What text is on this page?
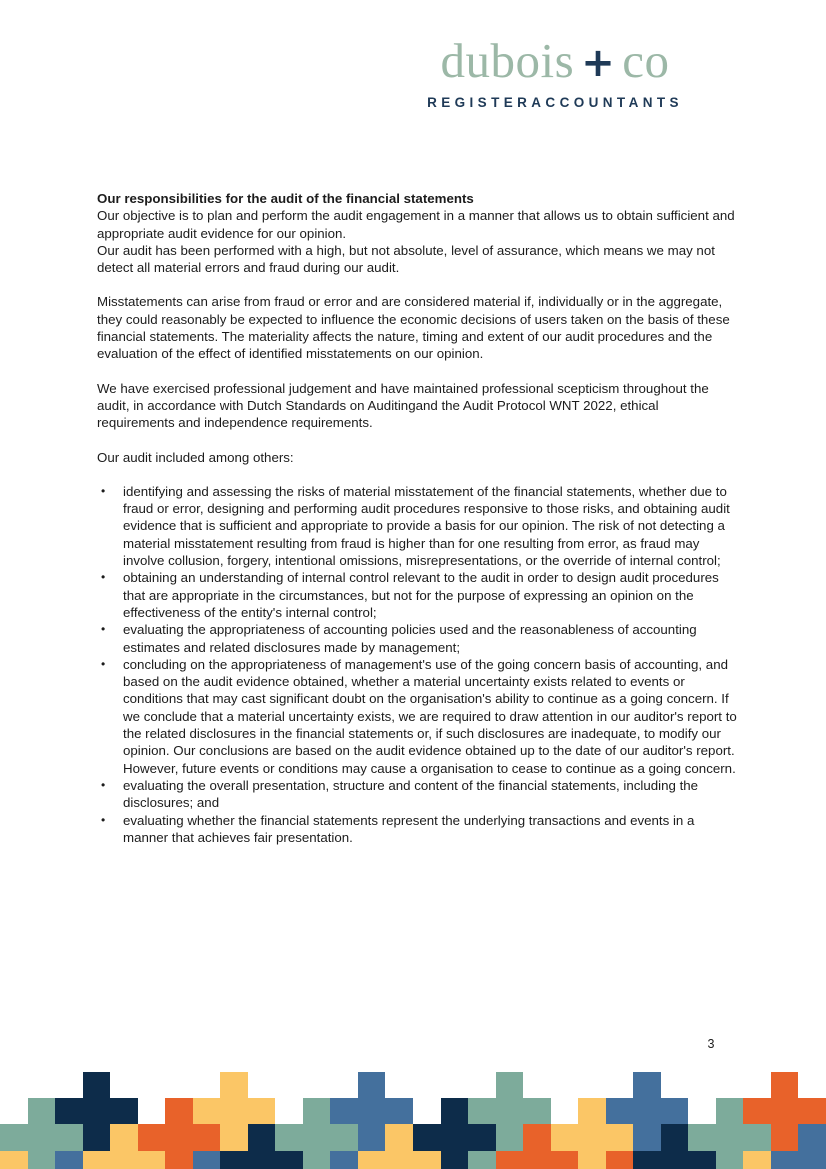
dubois + co
REGISTERACCOUNTANTS

Our responsibilities for the audit of the financial statements

Our objective is to plan and perform the audit engagement in a manner that allows us to obtain sufficient and appropriate audit evidence for our opinion.

Our audit has been performed with a high, but not absolute, level of assurance, which means we may not detect all material errors and fraud during our audit.

Misstatements can arise from fraud or error and are considered material if, individually or in the aggregate, they could reasonably be expected to influence the economic decisions of users taken on the basis of these financial statements. The materiality affects the nature, timing and extent of our audit procedures and the evaluation of the effect of identified misstatements on our opinion.

We have exercised professional judgement and have maintained professional scepticism throughout the audit, in accordance with Dutch Standards on Auditingand the Audit Protocol WNT 2022, ethical requirements and independence requirements.

Our audit included among others:

• identifying and assessing the risks of material misstatement of the financial statements, whether due to fraud or error, designing and performing audit procedures responsive to those risks, and obtaining audit evidence that is sufficient and appropriate to provide a basis for our opinion. The risk of not detecting a material misstatement resulting from fraud is higher than for one resulting from error, as fraud may involve collusion, forgery, intentional omissions, misrepresentations, or the override of internal control;
• obtaining an understanding of internal control relevant to the audit in order to design audit procedures that are appropriate in the circumstances, but not for the purpose of expressing an opinion on the effectiveness of the entity's internal control;
• evaluating the appropriateness of accounting policies used and the reasonableness of accounting estimates and related disclosures made by management;
• concluding on the appropriateness of management's use of the going concern basis of accounting, and based on the audit evidence obtained, whether a material uncertainty exists related to events or conditions that may cast significant doubt on the organisation's ability to continue as a going concern. If we conclude that a material uncertainty exists, we are required to draw attention in our auditor's report to the related disclosures in the financial statements or, if such disclosures are inadequate, to modify our opinion. Our conclusions are based on the audit evidence obtained up to the date of our auditor's report. However, future events or conditions may cause a organisation to cease to continue as a going concern.
• evaluating the overall presentation, structure and content of the financial statements, including the disclosures; and
• evaluating whether the financial statements represent the underlying transactions and events in a manner that achieves fair presentation.
3
